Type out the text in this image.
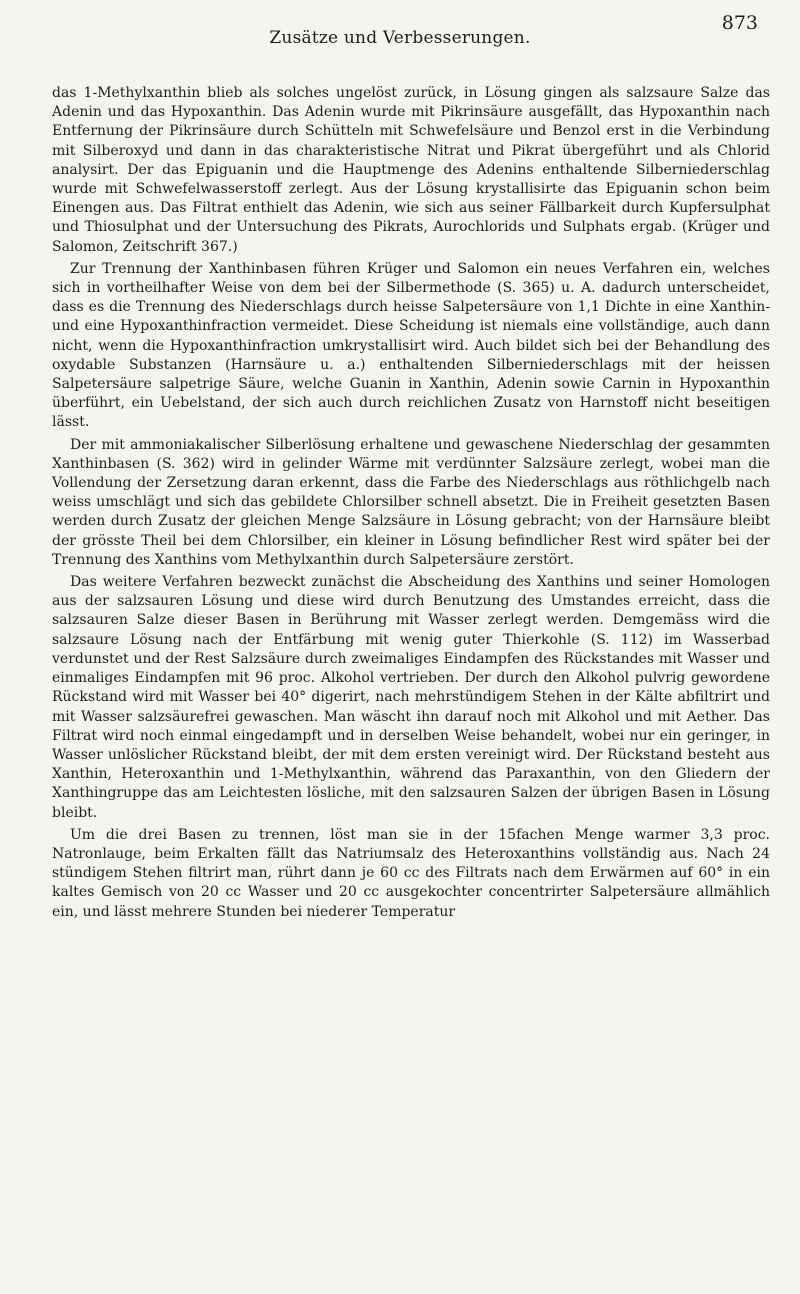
Zusätze und Verbesserungen.
873

das 1-Methylxanthin blieb als solches ungelöst zurück, in Lösung gingen als salzsaure Salze das Adenin und das Hypoxanthin. Das Adenin wurde mit Pikrinsäure ausgefällt, das Hypoxanthin nach Entfernung der Pikrinsäure durch Schütteln mit Schwefelsäure und Benzol erst in die Verbindung mit Silberoxyd und dann in das charakteristische Nitrat und Pikrat übergeführt und als Chlorid analysirt. Der das Epiguanin und die Hauptmenge des Adenins enthaltende Silberniederschlag wurde mit Schwefelwasserstoff zerlegt. Aus der Lösung krystallisirte das Epiguanin schon beim Einengen aus. Das Filtrat enthielt das Adenin, wie sich aus seiner Fällbarkeit durch Kupfersulphat und Thiosulphat und der Untersuchung des Pikrats, Aurochlorids und Sulphats ergab. (Krüger und Salomon, Zeitschrift 367.)

Zur Trennung der Xanthinbasen führen Krüger und Salomon ein neues Verfahren ein, welches sich in vortheilhafter Weise von dem bei der Silbermethode (S. 365) u. A. dadurch unterscheidet, dass es die Trennung des Niederschlags durch heisse Salpetersäure von 1,1 Dichte in eine Xanthin- und eine Hypoxanthinfraction vermeidet. Diese Scheidung ist niemals eine vollständige, auch dann nicht, wenn die Hypoxanthinfraction umkrystallisirt wird. Auch bildet sich bei der Behandlung des oxydable Substanzen (Harnsäure u. a.) enthaltenden Silberniederschlags mit der heissen Salpetersäure salpetrige Säure, welche Guanin in Xanthin, Adenin sowie Carnin in Hypoxanthin überführt, ein Uebelstand, der sich auch durch reichlichen Zusatz von Harnstoff nicht beseitigen lässt.

Der mit ammoniakalischer Silberlösung erhaltene und gewaschene Niederschlag der gesammten Xanthinbasen (S. 362) wird in gelinder Wärme mit verdünnter Salzsäure zerlegt, wobei man die Vollendung der Zersetzung daran erkennt, dass die Farbe des Niederschlags aus röthlichgelb nach weiss umschlägt und sich das gebildete Chlorsilber schnell absetzt. Die in Freiheit gesetzten Basen werden durch Zusatz der gleichen Menge Salzsäure in Lösung gebracht; von der Harnsäure bleibt der grösste Theil bei dem Chlorsilber, ein kleiner in Lösung befindlicher Rest wird später bei der Trennung des Xanthins vom Methylxanthin durch Salpetersäure zerstört.

Das weitere Verfahren bezweckt zunächst die Abscheidung des Xanthins und seiner Homologen aus der salzsauren Lösung und diese wird durch Benutzung des Umstandes erreicht, dass die salzsauren Salze dieser Basen in Berührung mit Wasser zerlegt werden. Demgemäss wird die salzsaure Lösung nach der Entfärbung mit wenig guter Thierkohle (S. 112) im Wasserbad verdunstet und der Rest Salzsäure durch zweimaliges Eindampfen des Rückstandes mit Wasser und einmaliges Eindampfen mit 96 proc. Alkohol vertrieben. Der durch den Alkohol pulvrig gewordene Rückstand wird mit Wasser bei 40° digerirt, nach mehrstündigem Stehen in der Kälte abfiltrirt und mit Wasser salzsäurefrei gewaschen. Man wäscht ihn darauf noch mit Alkohol und mit Aether. Das Filtrat wird noch einmal eingedampft und in derselben Weise behandelt, wobei nur ein geringer, in Wasser unlöslicher Rückstand bleibt, der mit dem ersten vereinigt wird. Der Rückstand besteht aus Xanthin, Heteroxanthin und 1-Methylxanthin, während das Paraxanthin, von den Gliedern der Xanthingruppe das am Leichtesten lösliche, mit den salzsauren Salzen der übrigen Basen in Lösung bleibt.

Um die drei Basen zu trennen, löst man sie in der 15fachen Menge warmer 3,3 proc. Natronlauge, beim Erkalten fällt das Natriumsalz des Heteroxanthins vollständig aus. Nach 24 stündigem Stehen filtrirt man, rührt dann je 60 cc des Filtrats nach dem Erwärmen auf 60° in ein kaltes Gemisch von 20 cc Wasser und 20 cc ausgekochter concentrirter Salpetersäure allmählich ein, und lässt mehrere Stunden bei niederer Temperatur
